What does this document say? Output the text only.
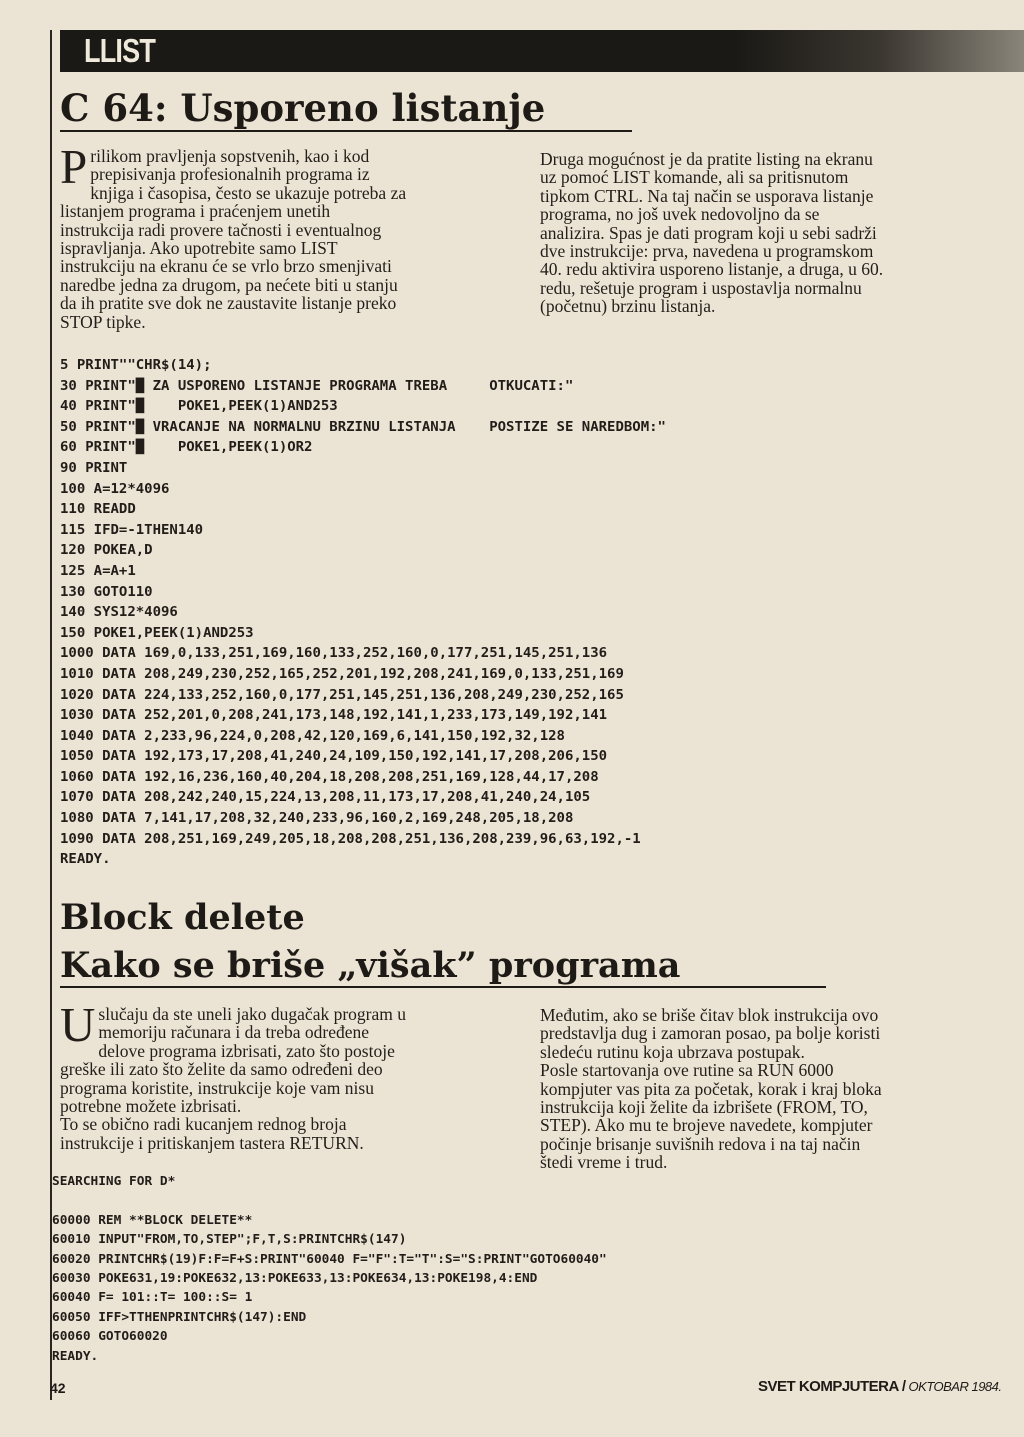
LLIST
C 64: Usporeno listanje
Prilikom pravljenja sopstvenih, kao i kod
prepisivanja profesionalnih programa iz
knjiga i časopisa, često se ukazuje potreba za
listanjem programa i praćenjem unetih
instrukcija radi provere tačnosti i eventualnog
ispravljanja. Ako upotrebite samo LIST
instrukciju na ekranu će se vrlo brzo smenjivati
naredbe jedna za drugom, pa nećete biti u stanju
da ih pratite sve dok ne zaustavite listanje preko
STOP tipke.
Druga mogućnost je da pratite listing na ekranu
uz pomoć LIST komande, ali sa pritisnutom
tipkom CTRL. Na taj način se usporava listanje
programa, no još uvek nedovoljno da se
analizira. Spas je dati program koji u sebi sadrži
dve instrukcije: prva, navedena u programskom
40. redu aktivira usporeno listanje, a druga, u 60.
redu, rešetuje program i uspostavlja normalnu
(početnu) brzinu listanja.
5 PRINT""CHR$(14);
30 PRINT"█ ZA USPORENO LISTANJE PROGRAMA TREBA     OTKUCATI:"
40 PRINT"█    POKE1,PEEK(1)AND253
50 PRINT"█ VRACANJE NA NORMALNU BRZINU LISTANJA    POSTIZE SE NAREDBOM:"
60 PRINT"█    POKE1,PEEK(1)OR2
90 PRINT
100 A=12*4096
110 READD
115 IFD=-1THEN140
120 POKEA,D
125 A=A+1
130 GOTO110
140 SYS12*4096
150 POKE1,PEEK(1)AND253
1000 DATA 169,0,133,251,169,160,133,252,160,0,177,251,145,251,136
1010 DATA 208,249,230,252,165,252,201,192,208,241,169,0,133,251,169
1020 DATA 224,133,252,160,0,177,251,145,251,136,208,249,230,252,165
1030 DATA 252,201,0,208,241,173,148,192,141,1,233,173,149,192,141
1040 DATA 2,233,96,224,0,208,42,120,169,6,141,150,192,32,128
1050 DATA 192,173,17,208,41,240,24,109,150,192,141,17,208,206,150
1060 DATA 192,16,236,160,40,204,18,208,208,251,169,128,44,17,208
1070 DATA 208,242,240,15,224,13,208,11,173,17,208,41,240,24,105
1080 DATA 7,141,17,208,32,240,233,96,160,2,169,248,205,18,208
1090 DATA 208,251,169,249,205,18,208,208,251,136,208,239,96,63,192,-1
READY.
Block delete
Kako se briše „višak” programa
Uslučaju da ste uneli jako dugačak program u
memoriju računara i da treba određene
delove programa izbrisati, zato što postoje
greške ili zato što želite da samo određeni deo
programa koristite, instrukcije koje vam nisu
potrebne možete izbrisati.
To se obično radi kucanjem rednog broja
instrukcije i pritiskanjem tastera RETURN.
Međutim, ako se briše čitav blok instrukcija ovo
predstavlja dug i zamoran posao, pa bolje koristi
sledeću rutinu koja ubrzava postupak.
Posle startovanja ove rutine sa RUN 6000
kompjuter vas pita za početak, korak i kraj bloka
instrukcija koji želite da izbrišete (FROM, TO,
STEP). Ako mu te brojeve navedete, kompjuter
počinje brisanje suvišnih redova i na taj način
štedi vreme i trud.
SEARCHING FOR D*

60000 REM **BLOCK DELETE**
60010 INPUT"FROM,TO,STEP";F,T,S:PRINTCHR$(147)
60020 PRINTCHR$(19)F:F=F+S:PRINT"60040 F="F":T="T":S="S:PRINT"GOTO60040"
60030 POKE631,19:POKE632,13:POKE633,13:POKE634,13:POKE198,4:END
60040 F= 101::T= 100::S= 1
60050 IFF>TTHENPRINTCHR$(147):END
60060 GOTO60020
READY.
42	SVET KOMPJUTERA / OKTOBAR 1984.
